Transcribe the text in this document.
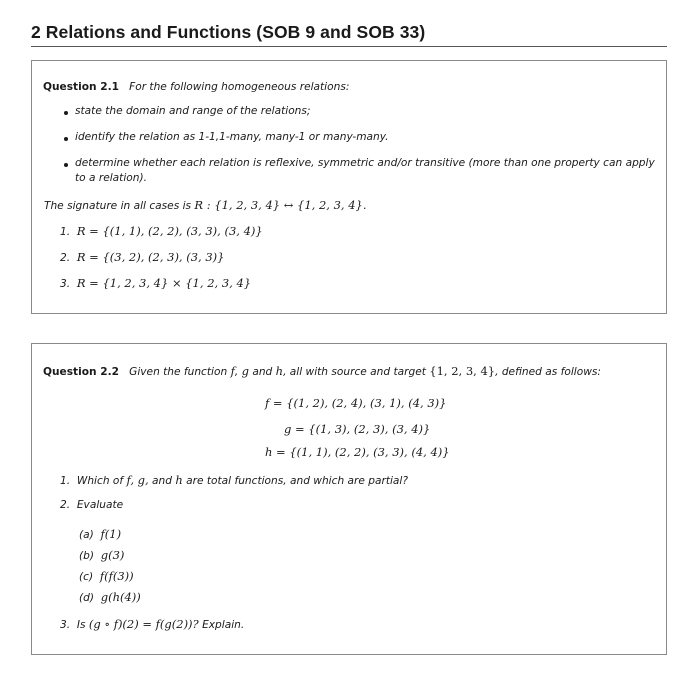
2 Relations and Functions (SOB 9 and SOB 33)
Question 2.1 For the following homogeneous relations:
state the domain and range of the relations;
identify the relation as 1-1,1-many, many-1 or many-many.
determine whether each relation is reflexive, symmetric and/or transitive (more than one property can apply
to a relation).
The signature in all cases is R : {1, 2, 3, 4} ↔ {1, 2, 3, 4}.
1. R = {(1, 1), (2, 2), (3, 3), (3, 4)}
2. R = {(3, 2), (2, 3), (3, 3)}
3. R = {1, 2, 3, 4} × {1, 2, 3, 4}
Question 2.2 Given the function f, g and h, all with source and target {1, 2, 3, 4}, defined as follows:
f = {(1, 2), (2, 4), (3, 1), (4, 3)}
g = {(1, 3), (2, 3), (3, 4)}
h = {(1, 1), (2, 2), (3, 3), (4, 4)}
1. Which of f, g, and h are total functions, and which are partial?
2. Evaluate
(a) f(1)
(b) g(3)
(c) f(f(3))
(d) g(h(4))
3. Is (g ∘ f)(2) = f(g(2))? Explain.
